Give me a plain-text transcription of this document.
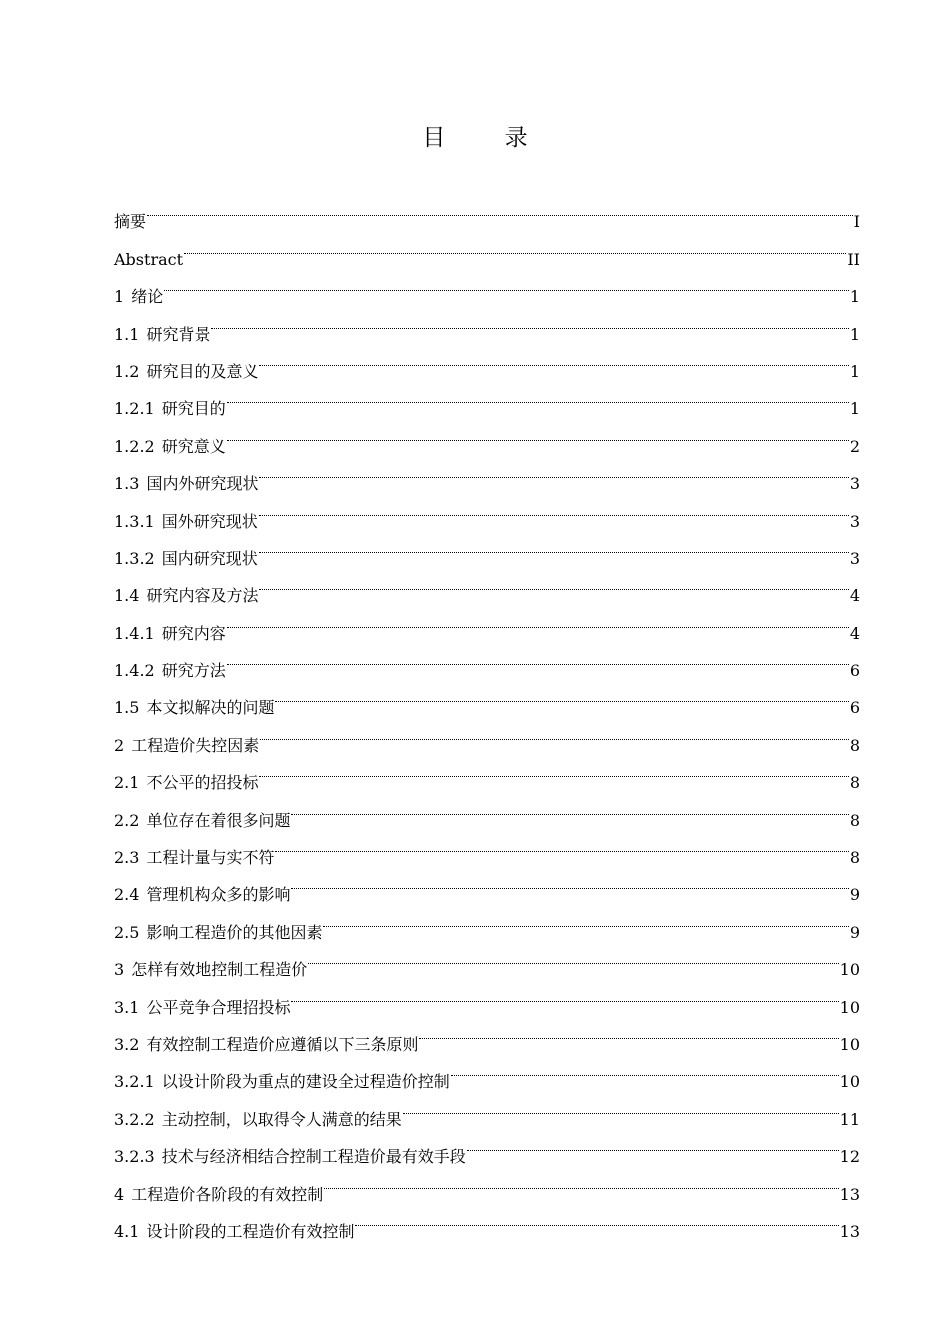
目 录
摘要	I
Abstract	II
1 绪论	1
1.1 研究背景	1
1.2 研究目的及意义	1
1.2.1 研究目的	1
1.2.2 研究意义	2
1.3 国内外研究现状	3
1.3.1 国外研究现状	3
1.3.2 国内研究现状	3
1.4 研究内容及方法	4
1.4.1 研究内容	4
1.4.2 研究方法	6
1.5 本文拟解决的问题	6
2 工程造价失控因素	8
2.1 不公平的招投标	8
2.2 单位存在着很多问题	8
2.3 工程计量与实不符	8
2.4 管理机构众多的影响	9
2.5 影响工程造价的其他因素	9
3 怎样有效地控制工程造价	10
3.1 公平竞争合理招投标	10
3.2 有效控制工程造价应遵循以下三条原则	10
3.2.1 以设计阶段为重点的建设全过程造价控制	10
3.2.2 主动控制，以取得令人满意的结果	11
3.2.3 技术与经济相结合控制工程造价最有效手段	12
4 工程造价各阶段的有效控制	13
4.1 设计阶段的工程造价有效控制	13
